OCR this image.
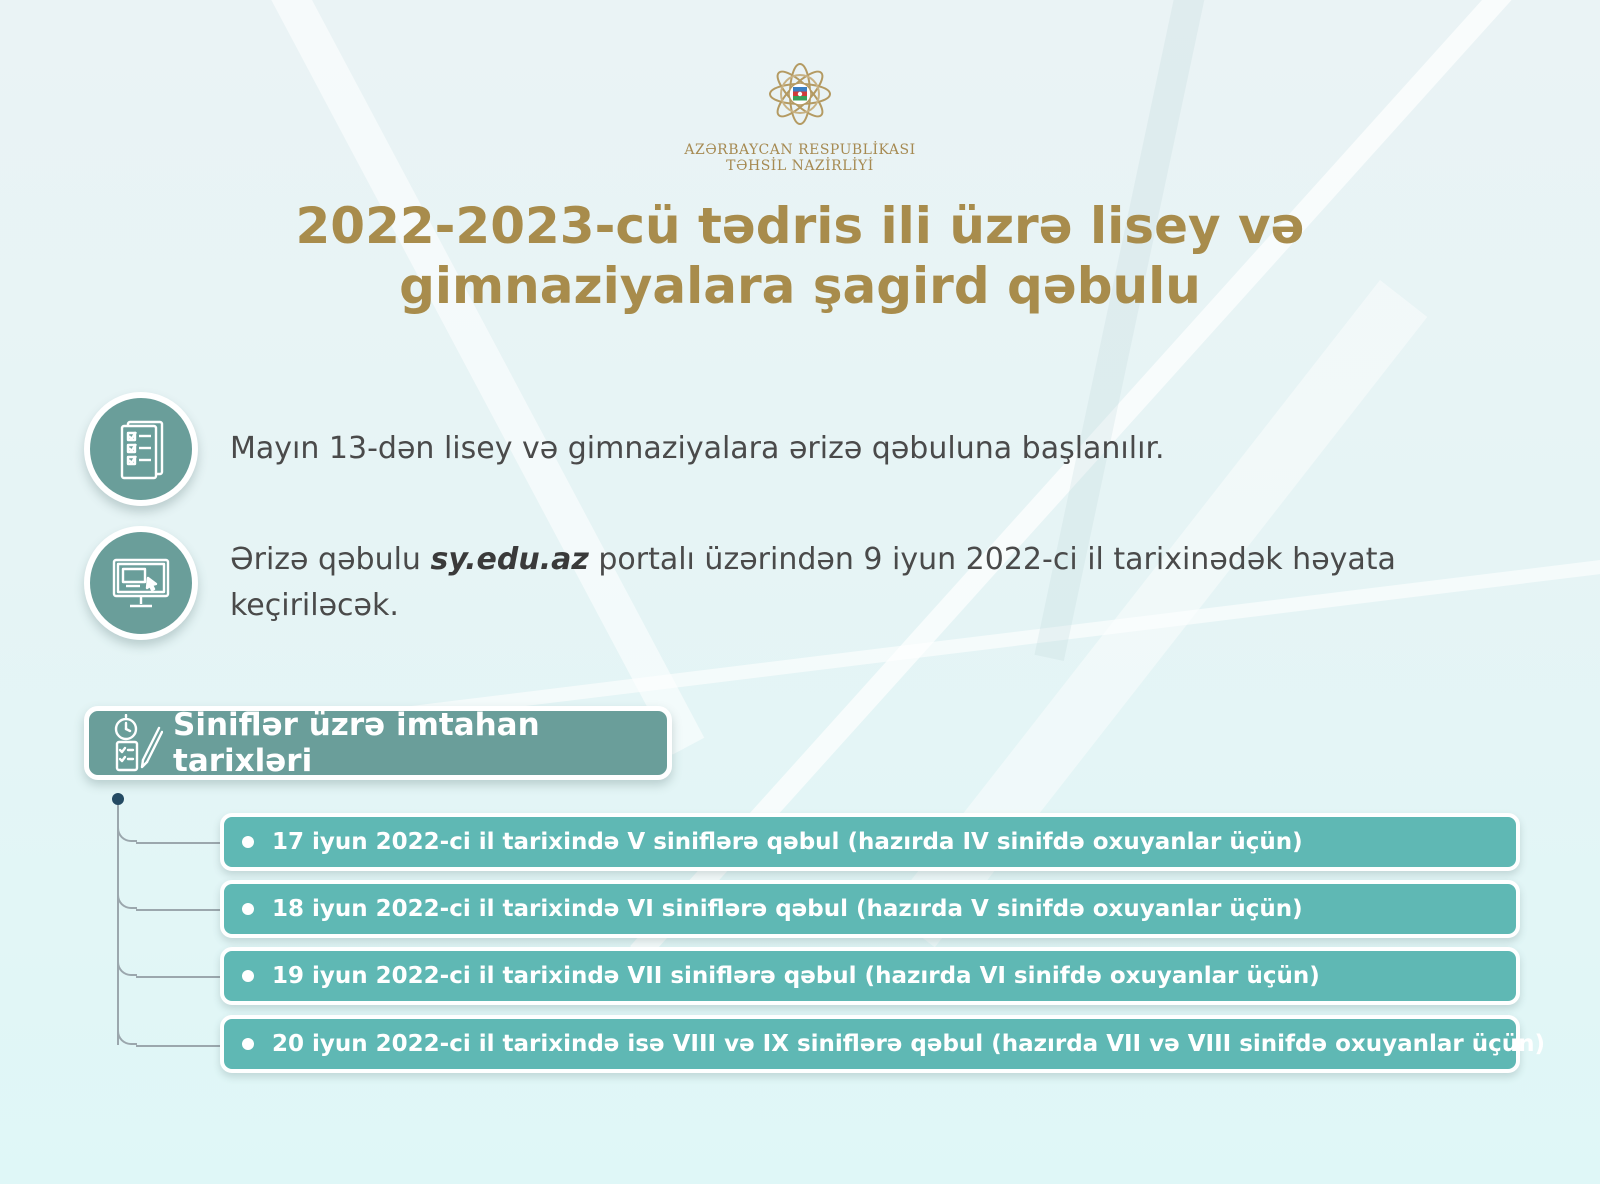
AZƏRBAYCAN RESPUBLİKASI
TƏHSİL NAZİRLİYİ
2022-2023-cü tədris ili üzrə lisey və
gimnaziyalara şagird qəbulu
Mayın 13-dən lisey və gimnaziyalara ərizə qəbuluna başlanılır.
Ərizə qəbulu sy.edu.az portalı üzərindən 9 iyun 2022-ci il tarixinədək həyata keçiriləcək.
Siniflər üzrə imtahan tarixləri
17 iyun 2022-ci il tarixində V siniflərə qəbul (hazırda IV sinifdə oxuyanlar üçün)
18 iyun 2022-ci il tarixində VI siniflərə qəbul (hazırda V sinifdə oxuyanlar üçün)
19 iyun 2022-ci il tarixində VII siniflərə qəbul (hazırda VI sinifdə oxuyanlar üçün)
20 iyun 2022-ci il tarixində isə VIII və IX siniflərə qəbul (hazırda VII və VIII sinifdə oxuyanlar üçün)
